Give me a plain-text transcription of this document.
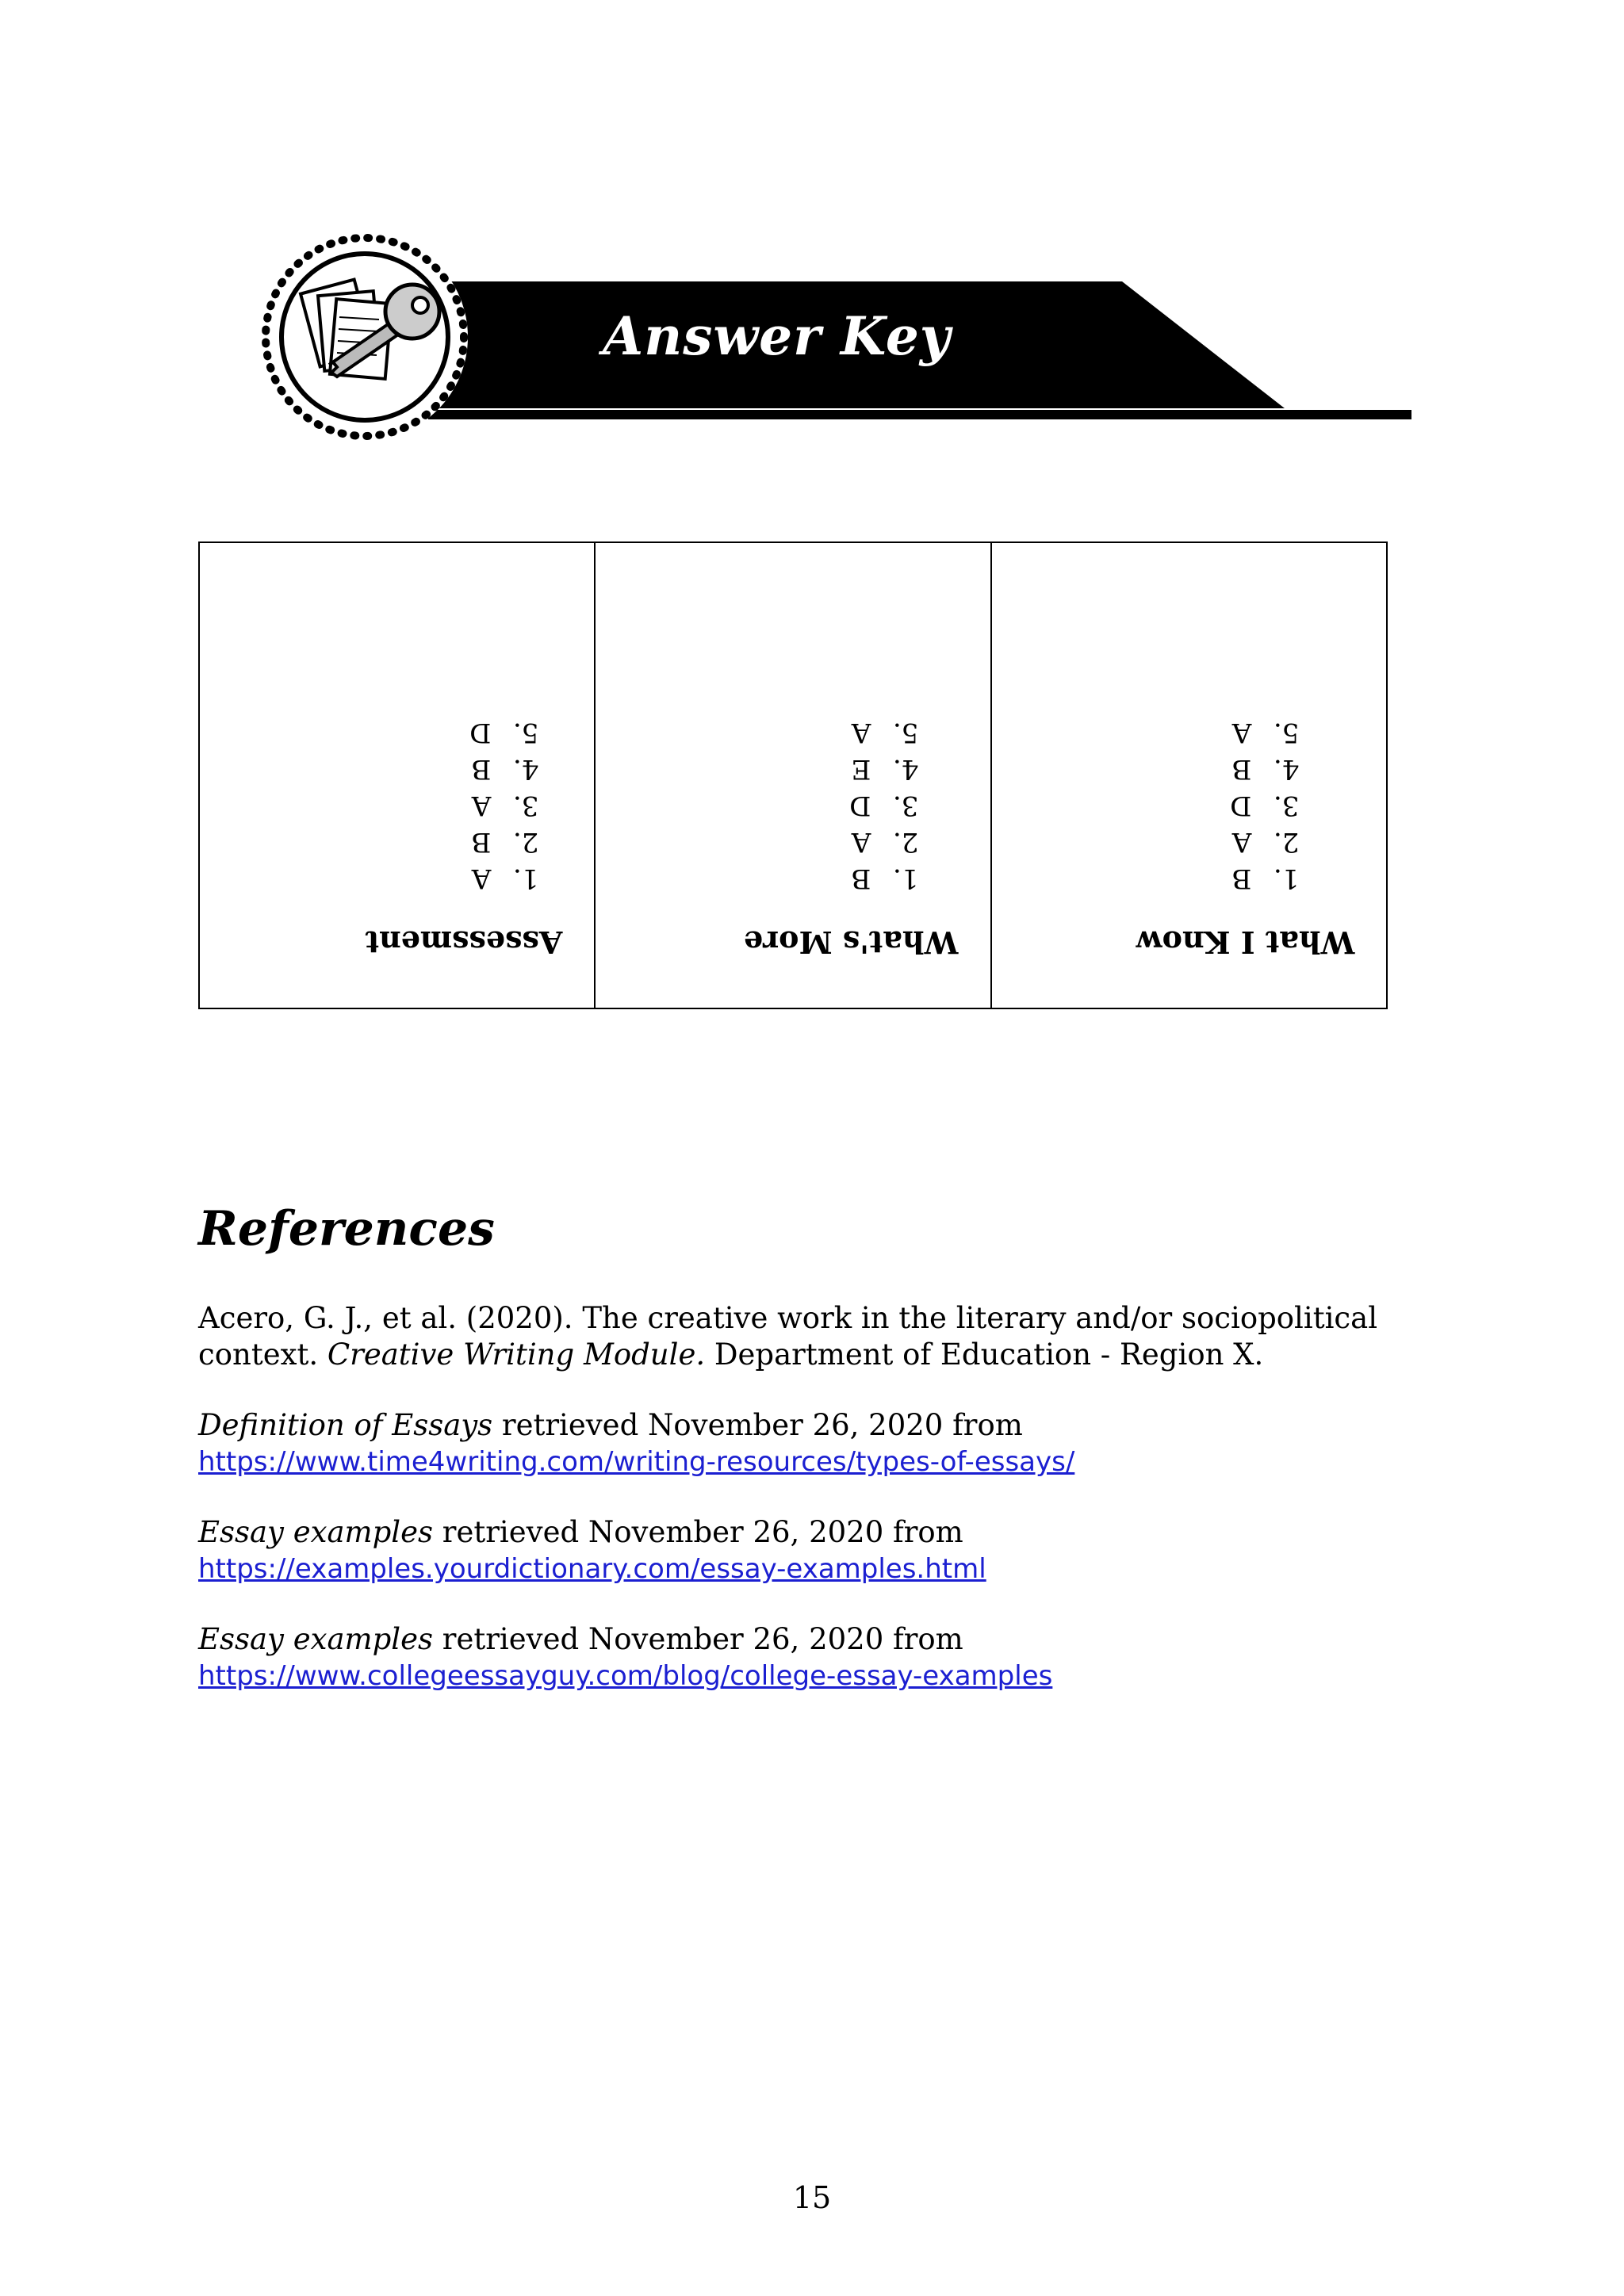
Answer Key
Assessment
1.A
2.B
3.A
4.B
5.D
What's More
1.B
2.A
3.D
4.E
5.A
What I Know
1.B
2.A
3.D
4.B
5.A
References
Acero, G. J., et al. (2020). The creative work in the literary and/or sociopolitical context. Creative Writing Module. Department of Education - Region X.
Definition of Essays retrieved November 26, 2020 from
https://www.time4writing.com/writing-resources/types-of-essays/
Essay examples retrieved November 26, 2020 from
https://examples.yourdictionary.com/essay-examples.html
Essay examples retrieved November 26, 2020 from
https://www.collegeessayguy.com/blog/college-essay-examples
15
